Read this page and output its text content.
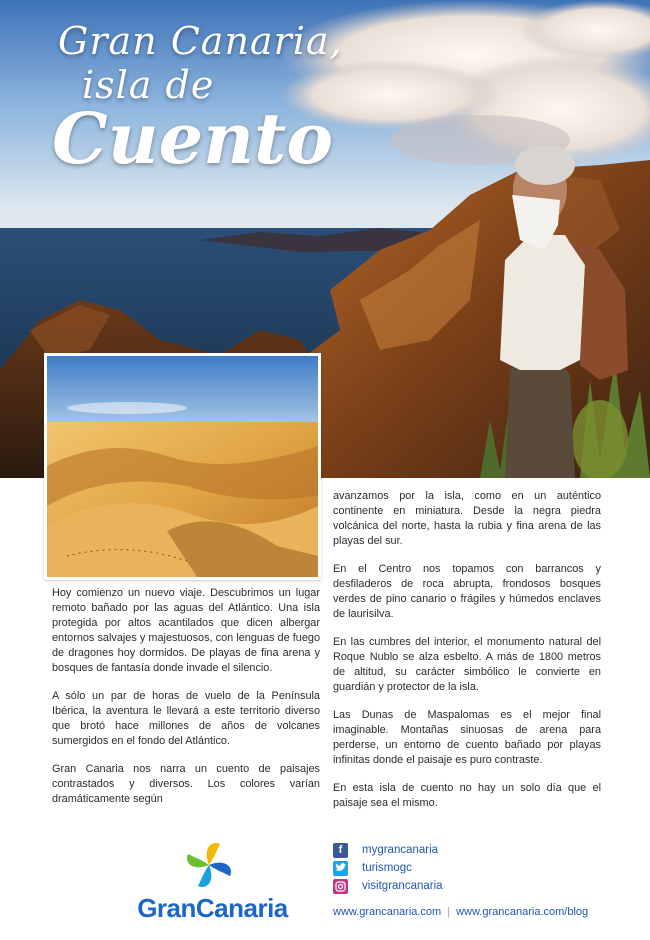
Gran Canaria,
isla de
Cuento

Hoy comienzo un nuevo viaje. Descubrimos un lugar remoto bañado por las aguas del Atlántico. Una isla protegida por altos acantilados que dicen albergar entornos salvajes y majestuosos, con lenguas de fuego de dragones hoy dormidos. De playas de fina arena y bosques de fantasía donde invade el silencio.

A sólo un par de horas de vuelo de la Península Ibérica, la aventura le llevará a este territorio diverso que brotó hace millones de años de volcanes sumergidos en el fondo del Atlántico.

Gran Canaria nos narra un cuento de paisajes contrastados y diversos. Los colores varían dramáticamente según

avanzamos por la isla, como en un auténtico continente en miniatura. Desde la negra piedra volcánica del norte, hasta la rubia y fina arena de las playas del sur.

En el Centro nos topamos con barrancos y desfiladeros de roca abrupta, frondosos bosques verdes de pino canario o frágiles y húmedos enclaves de laurisilva.

En las cumbres del interior, el monumento natural del Roque Nublo se alza esbelto. A más de 1800 metros de altitud, su carácter simbólico le convierte en guardián y protector de la isla.

Las Dunas de Maspalomas es el mejor final imaginable. Montañas sinuosas de arena para perderse, un entorno de cuento bañado por playas infinitas donde el paisaje es puro contraste.

En esta isla de cuento no hay un solo día que el paisaje sea el mismo.

GranCanaria
f	mygrancanaria
turismogc
visitgrancanaria
www.grancanaria.com | www.grancanaria.com/blog
